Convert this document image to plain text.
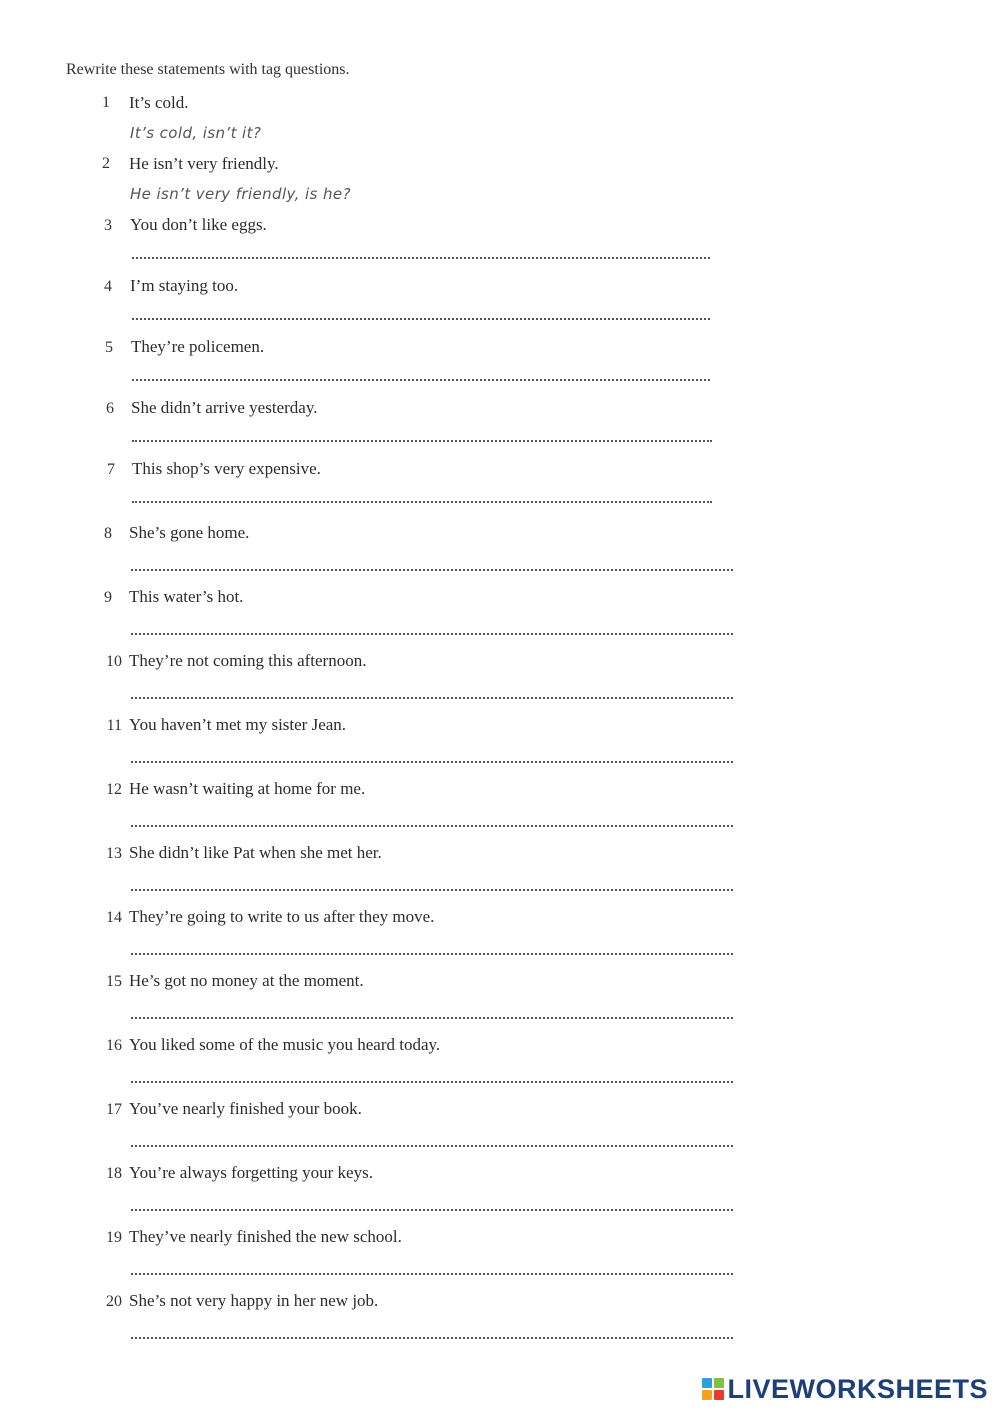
Rewrite these statements with tag questions.
1 It’s cold.
It’s cold, isn’t it?
2 He isn’t very friendly.
He isn’t very friendly, is he?
3 You don’t like eggs.
4 I’m staying too.
5 They’re policemen.
6 She didn’t arrive yesterday.
7 This shop’s very expensive.
8 She’s gone home.
9 This water’s hot.
10 They’re not coming this afternoon.
11 You haven’t met my sister Jean.
12 He wasn’t waiting at home for me.
13 She didn’t like Pat when she met her.
14 They’re going to write to us after they move.
15 He’s got no money at the moment.
16 You liked some of the music you heard today.
17 You’ve nearly finished your book.
18 You’re always forgetting your keys.
19 They’ve nearly finished the new school.
20 She’s not very happy in her new job.
LIVEWORKSHEETS
